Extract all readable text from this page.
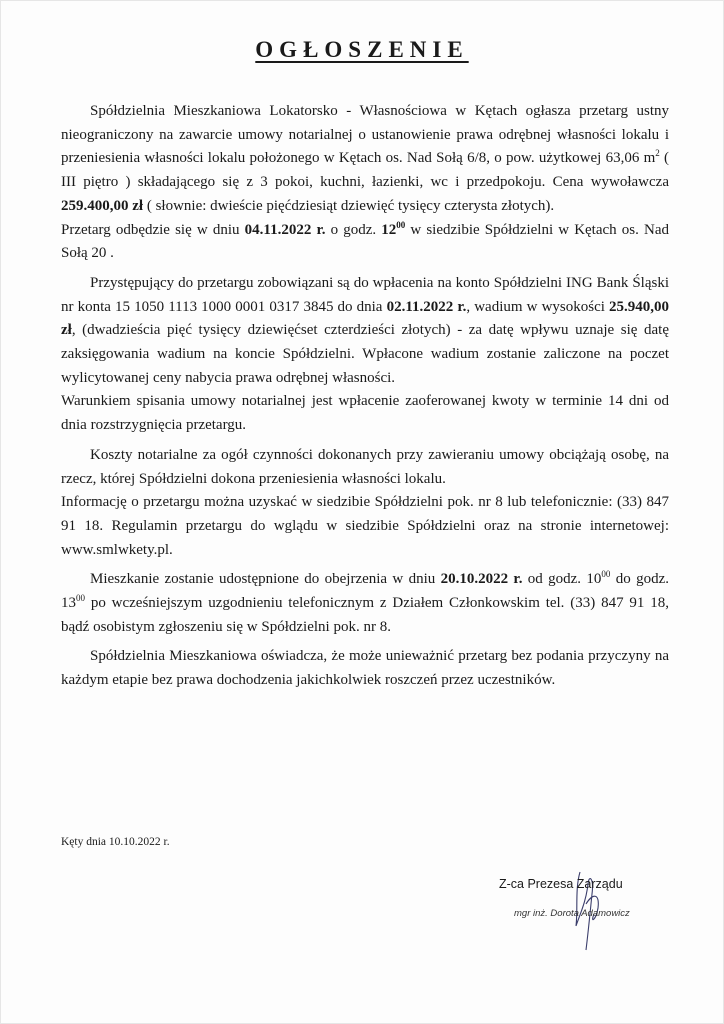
OGŁOSZENIE

Spółdzielnia Mieszkaniowa Lokatorsko - Własnościowa w Kętach ogłasza przetarg ustny nieograniczony na zawarcie umowy notarialnej o ustanowienie prawa odrębnej własności lokalu i przeniesienia własności lokalu położonego w Kętach os. Nad Sołą 6/8, o pow. użytkowej 63,06 $m^2$ ( III piętro ) składającego się z 3 pokoi, kuchni, łazienki, wc i przedpokoju. Cena wywoławcza 259.400,00 zł ( słownie: dwieście pięćdziesiąt dziewięć tysięcy czterysta złotych).

Przetarg odbędzie się w dniu 04.11.2022 r. o godz. $12^{00}$ w siedzibie Spółdzielni w Kętach os. Nad Sołą 20 .

Przystępujący do przetargu zobowiązani są do wpłacenia na konto Spółdzielni ING Bank Śląski nr konta 15 1050 1113 1000 0001 0317 3845 do dnia 02.11.2022 r., wadium w wysokości 25.940,00 zł, (dwadzieścia pięć tysięcy dziewięćset czterdzieści złotych) - za datę wpływu uznaje się datę zaksięgowania wadium na koncie Spółdzielni. Wpłacone wadium zostanie zaliczone na poczet wylicytowanej ceny nabycia prawa odrębnej własności.

Warunkiem spisania umowy notarialnej jest wpłacenie zaoferowanej kwoty w terminie 14 dni od dnia rozstrzygnięcia przetargu.

Koszty notarialne za ogół czynności dokonanych przy zawieraniu umowy obciążają osobę, na rzecz, której Spółdzielni dokona przeniesienia własności lokalu.

Informację o przetargu można uzyskać w siedzibie Spółdzielni pok. nr 8 lub telefonicznie: (33) 847 91 18. Regulamin przetargu do wglądu w siedzibie Spółdzielni oraz na stronie internetowej: www.smlwkety.pl.

Mieszkanie zostanie udostępnione do obejrzenia w dniu 20.10.2022 r. od godz. $10^{00}$ do godz. $13^{00}$ po wcześniejszym uzgodnieniu telefonicznym z Działem Członkowskim tel. (33) 847 91 18, bądź osobistym zgłoszeniu się w Spółdzielni pok. nr 8.

Spółdzielnia Mieszkaniowa oświadcza, że może unieważnić przetarg bez podania przyczyny na każdym etapie bez prawa dochodzenia jakichkolwiek roszczeń przez uczestników.

Kęty dnia 10.10.2022 r.
Z-ca Prezesa Zarządu
mgr inż. Dorota Adamowicz
